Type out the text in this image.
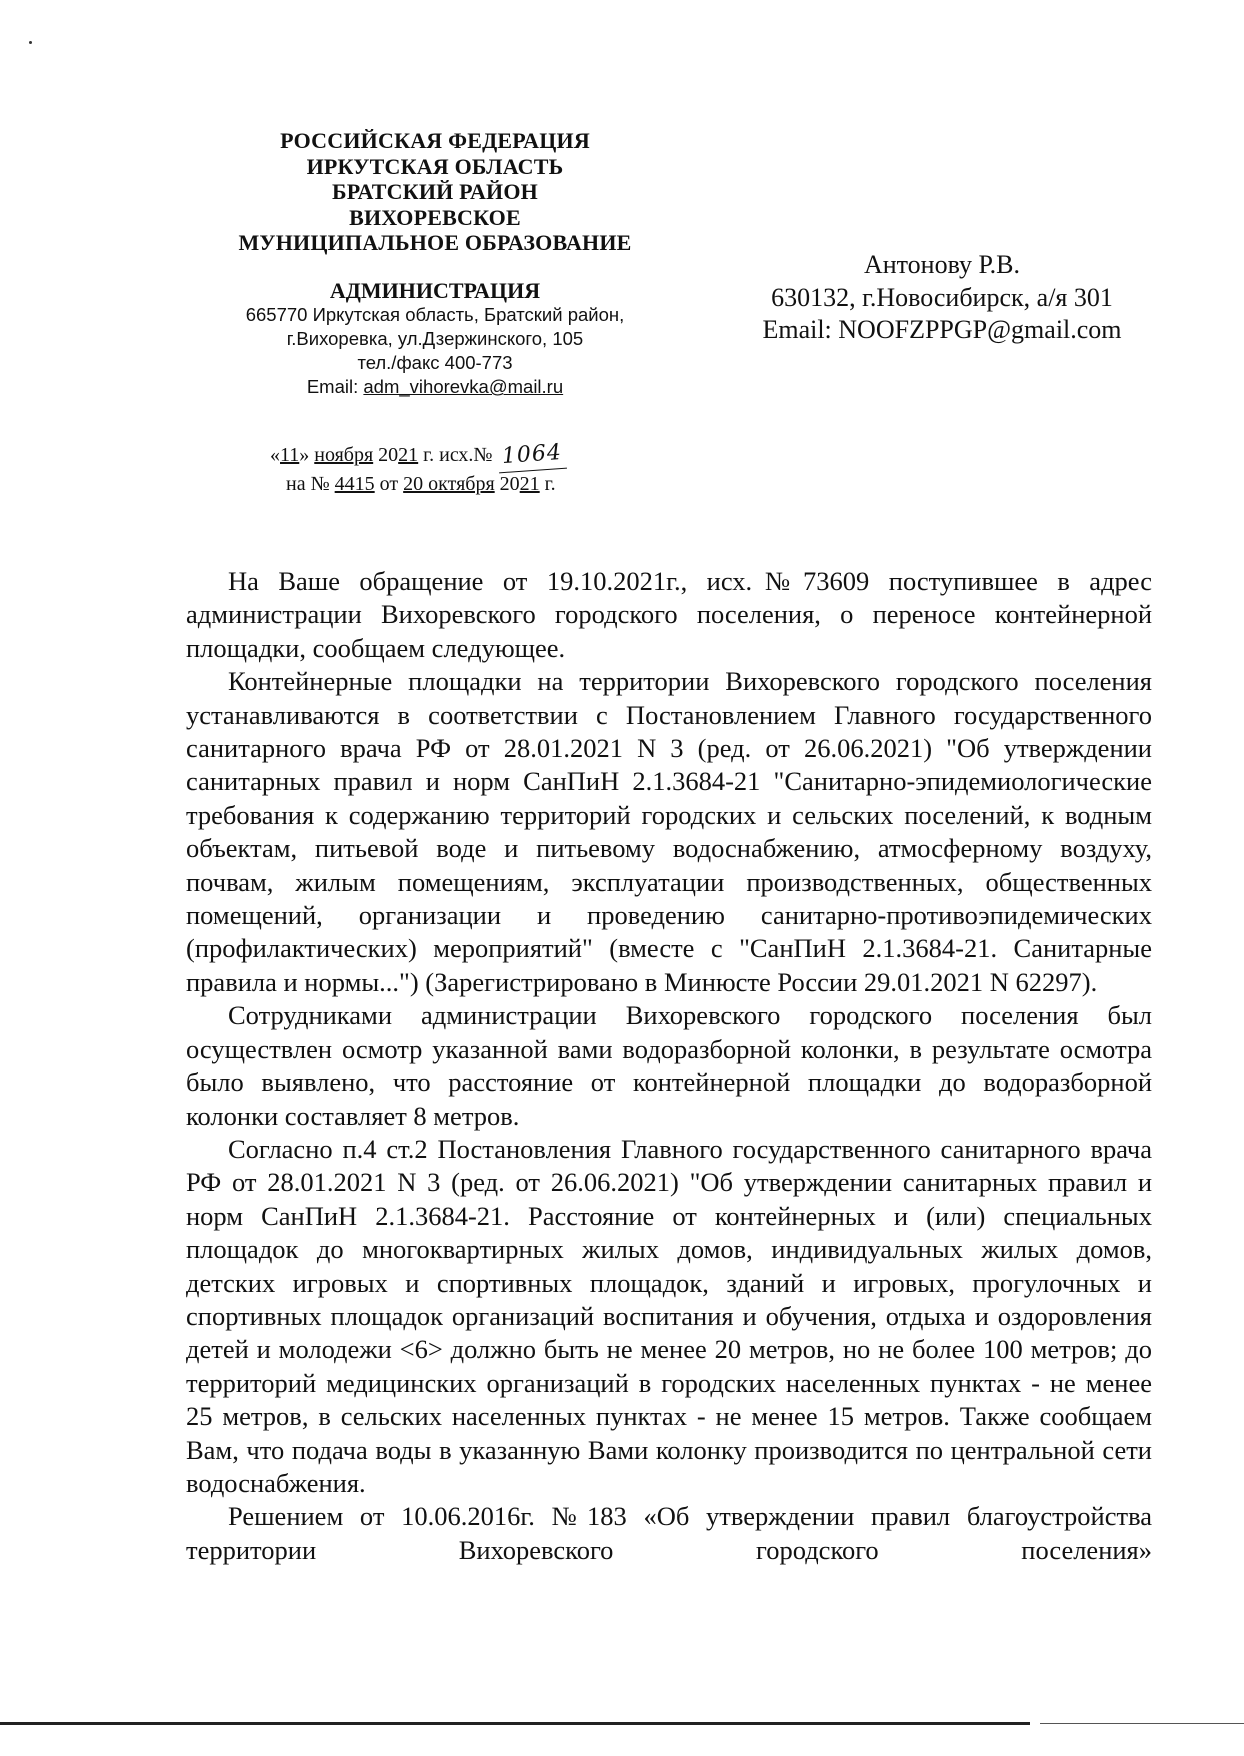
РОССИЙСКАЯ ФЕДЕРАЦИЯ
ИРКУТСКАЯ ОБЛАСТЬ
БРАТСКИЙ РАЙОН
ВИХОРЕВСКОЕ
МУНИЦИПАЛЬНОЕ ОБРАЗОВАНИЕ
АДМИНИСТРАЦИЯ
665770 Иркутская область, Братский район,
г.Вихоревка, ул.Дзержинского, 105
тел./факс 400-773
Email: adm_vihorevka@mail.ru
Антонову Р.В.
630132, г.Новосибирск, а/я 301
Email: NOOFZPPGP@gmail.com
«11» ноября 2021 г. исх.№ 1064
на № 4415 от 20 октября 2021 г.

На Ваше обращение от 19.10.2021г., исх.№73609 поступившее в адрес администрации Вихоревского городского поселения, о переносе контейнерной площадки, сообщаем следующее.

Контейнерные площадки на территории Вихоревского городского поселения устанавливаются в соответствии с Постановлением Главного государственного санитарного врача РФ от 28.01.2021 N 3 (ред. от 26.06.2021) "Об утверждении санитарных правил и норм СанПиН 2.1.3684-21 "Санитарно-эпидемиологические требования к содержанию территорий городских и сельских поселений, к водным объектам, питьевой воде и питьевому водоснабжению, атмосферному воздуху, почвам, жилым помещениям, эксплуатации производственных, общественных помещений, организации и проведению санитарно-противоэпидемических (профилактических) мероприятий" (вместе с "СанПиН 2.1.3684-21. Санитарные правила и нормы...") (Зарегистрировано в Минюсте России 29.01.2021 N 62297).

Сотрудниками администрации Вихоревского городского поселения был осуществлен осмотр указанной вами водоразборной колонки, в результате осмотра было выявлено, что расстояние от контейнерной площадки до водоразборной колонки составляет 8 метров.

Согласно п.4 ст.2 Постановления Главного государственного санитарного врача РФ от 28.01.2021 N 3 (ред. от 26.06.2021) "Об утверждении санитарных правил и норм СанПиН 2.1.3684-21. Расстояние от контейнерных и (или) специальных площадок до многоквартирных жилых домов, индивидуальных жилых домов, детских игровых и спортивных площадок, зданий и игровых, прогулочных и спортивных площадок организаций воспитания и обучения, отдыха и оздоровления детей и молодежи <6> должно быть не менее 20 метров, но не более 100 метров; до территорий медицинских организаций в городских населенных пунктах - не менее 25 метров, в сельских населенных пунктах - не менее 15 метров. Также сообщаем Вам, что подача воды в указанную Вами колонку производится по центральной сети водоснабжения.

Решением от 10.06.2016г. №183 «Об утверждении правил благоустройства территории Вихоревского городского поселения»
